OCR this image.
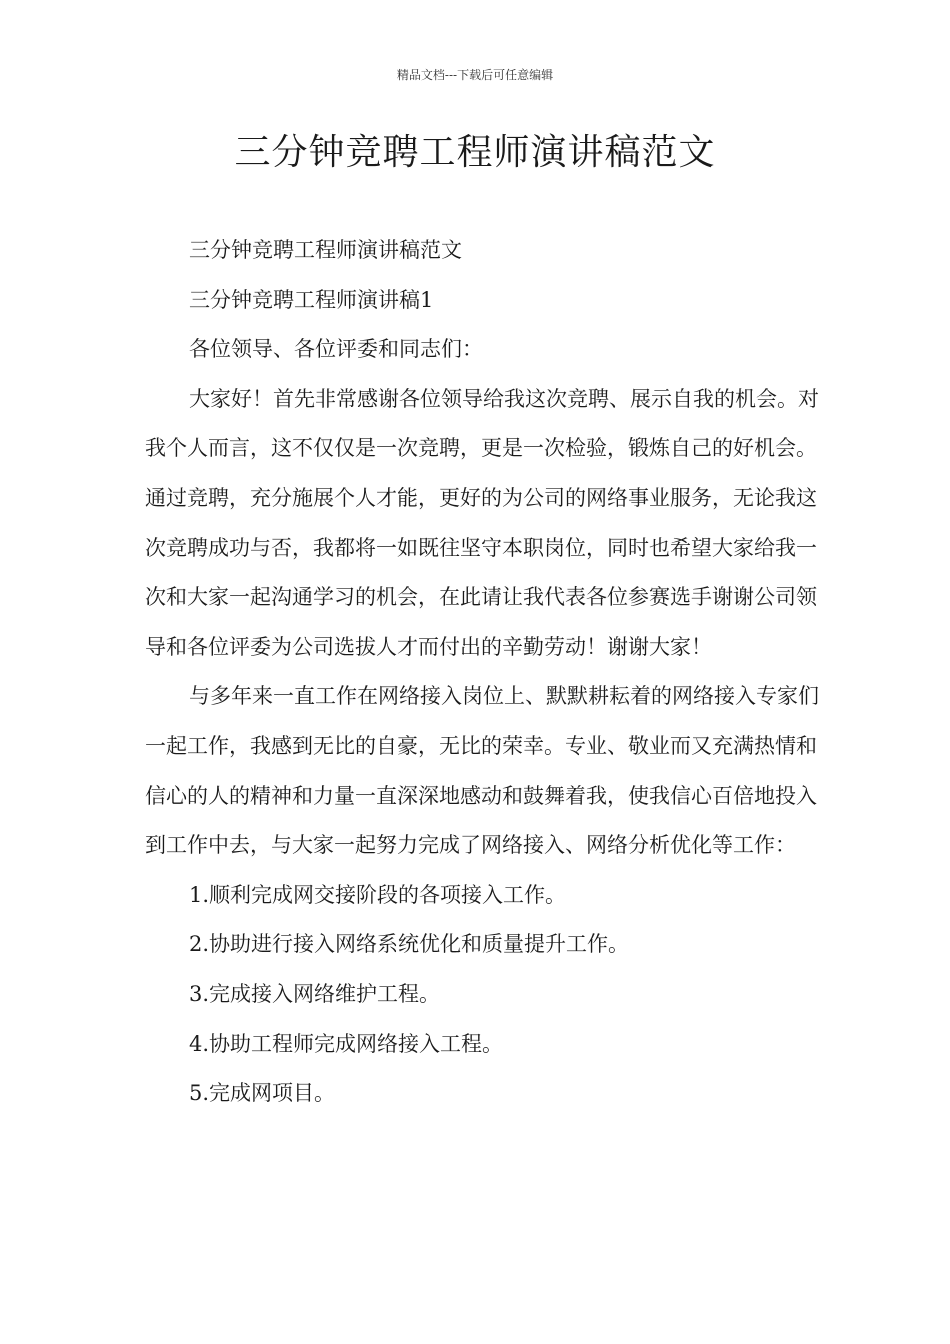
精品文档---下载后可任意编辑
三分钟竞聘工程师演讲稿范文

三分钟竞聘工程师演讲稿范文

三分钟竞聘工程师演讲稿1

各位领导、各位评委和同志们：

大家好！首先非常感谢各位领导给我这次竞聘、展示自我的机会。对我个人而言，这不仅仅是一次竞聘，更是一次检验，锻炼自己的好机会。通过竞聘，充分施展个人才能，更好的为公司的网络事业服务，无论我这次竞聘成功与否，我都将一如既往坚守本职岗位，同时也希望大家给我一次和大家一起沟通学习的机会，在此请让我代表各位参赛选手谢谢公司领导和各位评委为公司选拔人才而付出的辛勤劳动！谢谢大家！

与多年来一直工作在网络接入岗位上、默默耕耘着的网络接入专家们一起工作，我感到无比的自豪，无比的荣幸。专业、敬业而又充满热情和信心的人的精神和力量一直深深地感动和鼓舞着我，使我信心百倍地投入到工作中去，与大家一起努力完成了网络接入、网络分析优化等工作：

1.顺利完成网交接阶段的各项接入工作。

2.协助进行接入网络系统优化和质量提升工作。

3.完成接入网络维护工程。

4.协助工程师完成网络接入工程。

5.完成网项目。
